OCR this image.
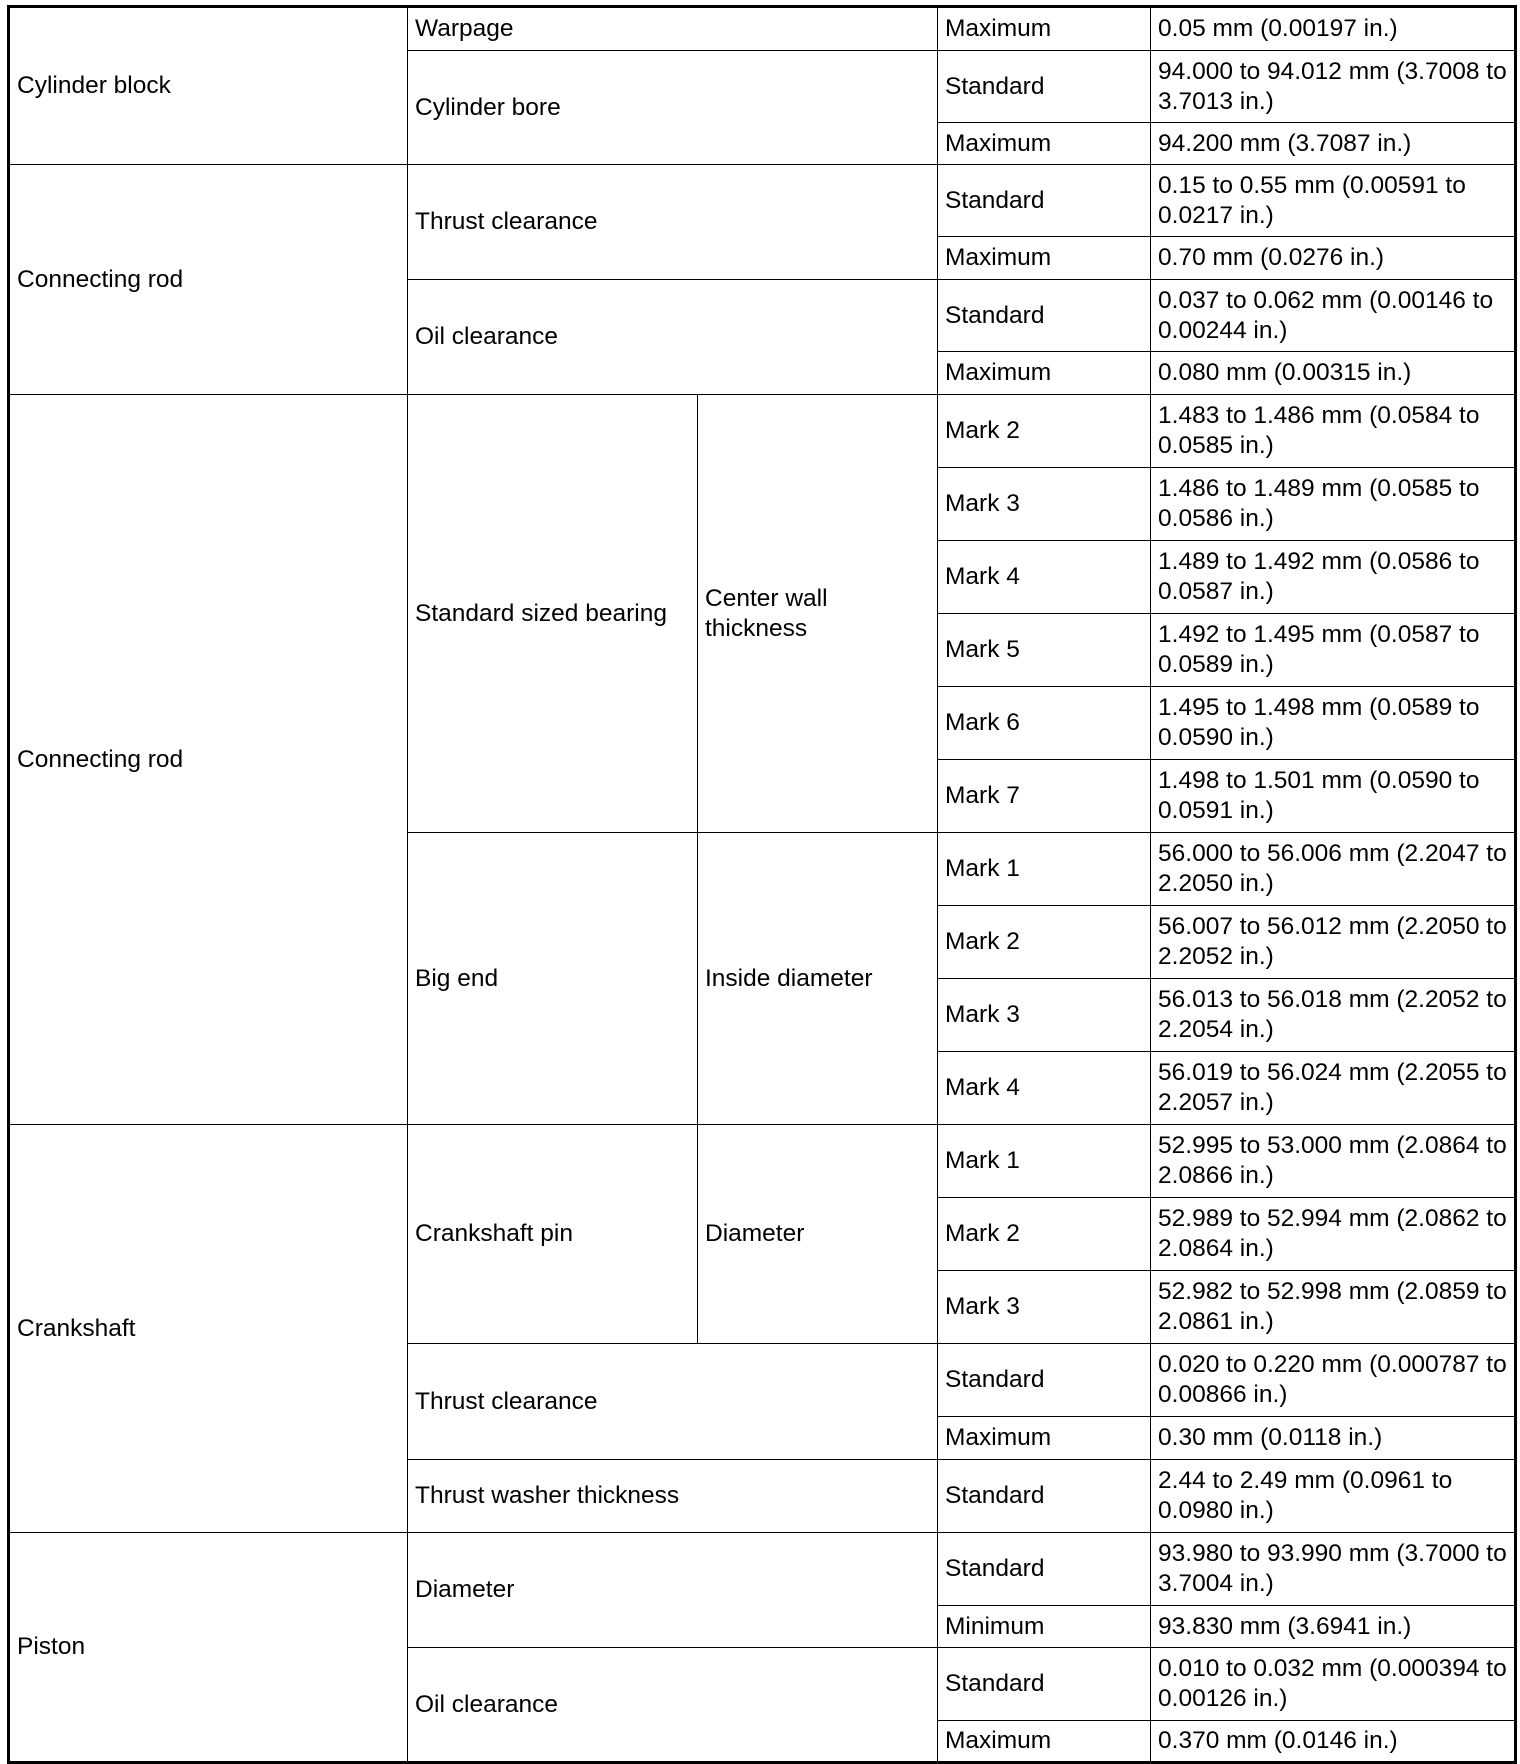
Cylinder block	Warpage		Maximum	0.05 mm (0.00197 in.)
	Cylinder bore		Standard	94.000 to 94.012 mm (3.7008 to 3.7013 in.)
			Maximum	94.200 mm (3.7087 in.)
Connecting rod	Thrust clearance		Standard	0.15 to 0.55 mm (0.00591 to 0.0217 in.)
			Maximum	0.70 mm (0.0276 in.)
	Oil clearance		Standard	0.037 to 0.062 mm (0.00146 to 0.00244 in.)
			Maximum	0.080 mm (0.00315 in.)
Connecting rod	Standard sized bearing	Center wall thickness	Mark 2	1.483 to 1.486 mm (0.0584 to 0.0585 in.)
			Mark 3	1.486 to 1.489 mm (0.0585 to 0.0586 in.)
			Mark 4	1.489 to 1.492 mm (0.0586 to 0.0587 in.)
			Mark 5	1.492 to 1.495 mm (0.0587 to 0.0589 in.)
			Mark 6	1.495 to 1.498 mm (0.0589 to 0.0590 in.)
			Mark 7	1.498 to 1.501 mm (0.0590 to 0.0591 in.)
	Big end	Inside diameter	Mark 1	56.000 to 56.006 mm (2.2047 to 2.2050 in.)
			Mark 2	56.007 to 56.012 mm (2.2050 to 2.2052 in.)
			Mark 3	56.013 to 56.018 mm (2.2052 to 2.2054 in.)
			Mark 4	56.019 to 56.024 mm (2.2055 to 2.2057 in.)
Crankshaft	Crankshaft pin	Diameter	Mark 1	52.995 to 53.000 mm (2.0864 to 2.0866 in.)
			Mark 2	52.989 to 52.994 mm (2.0862 to 2.0864 in.)
			Mark 3	52.982 to 52.998 mm (2.0859 to 2.0861 in.)
	Thrust clearance		Standard	0.020 to 0.220 mm (0.000787 to 0.00866 in.)
			Maximum	0.30 mm (0.0118 in.)
	Thrust washer thickness		Standard	2.44 to 2.49 mm (0.0961 to 0.0980 in.)
Piston	Diameter		Standard	93.980 to 93.990 mm (3.7000 to 3.7004 in.)
			Minimum	93.830 mm (3.6941 in.)
	Oil clearance		Standard	0.010 to 0.032 mm (0.000394 to 0.00126 in.)
			Maximum	0.370 mm (0.0146 in.)
